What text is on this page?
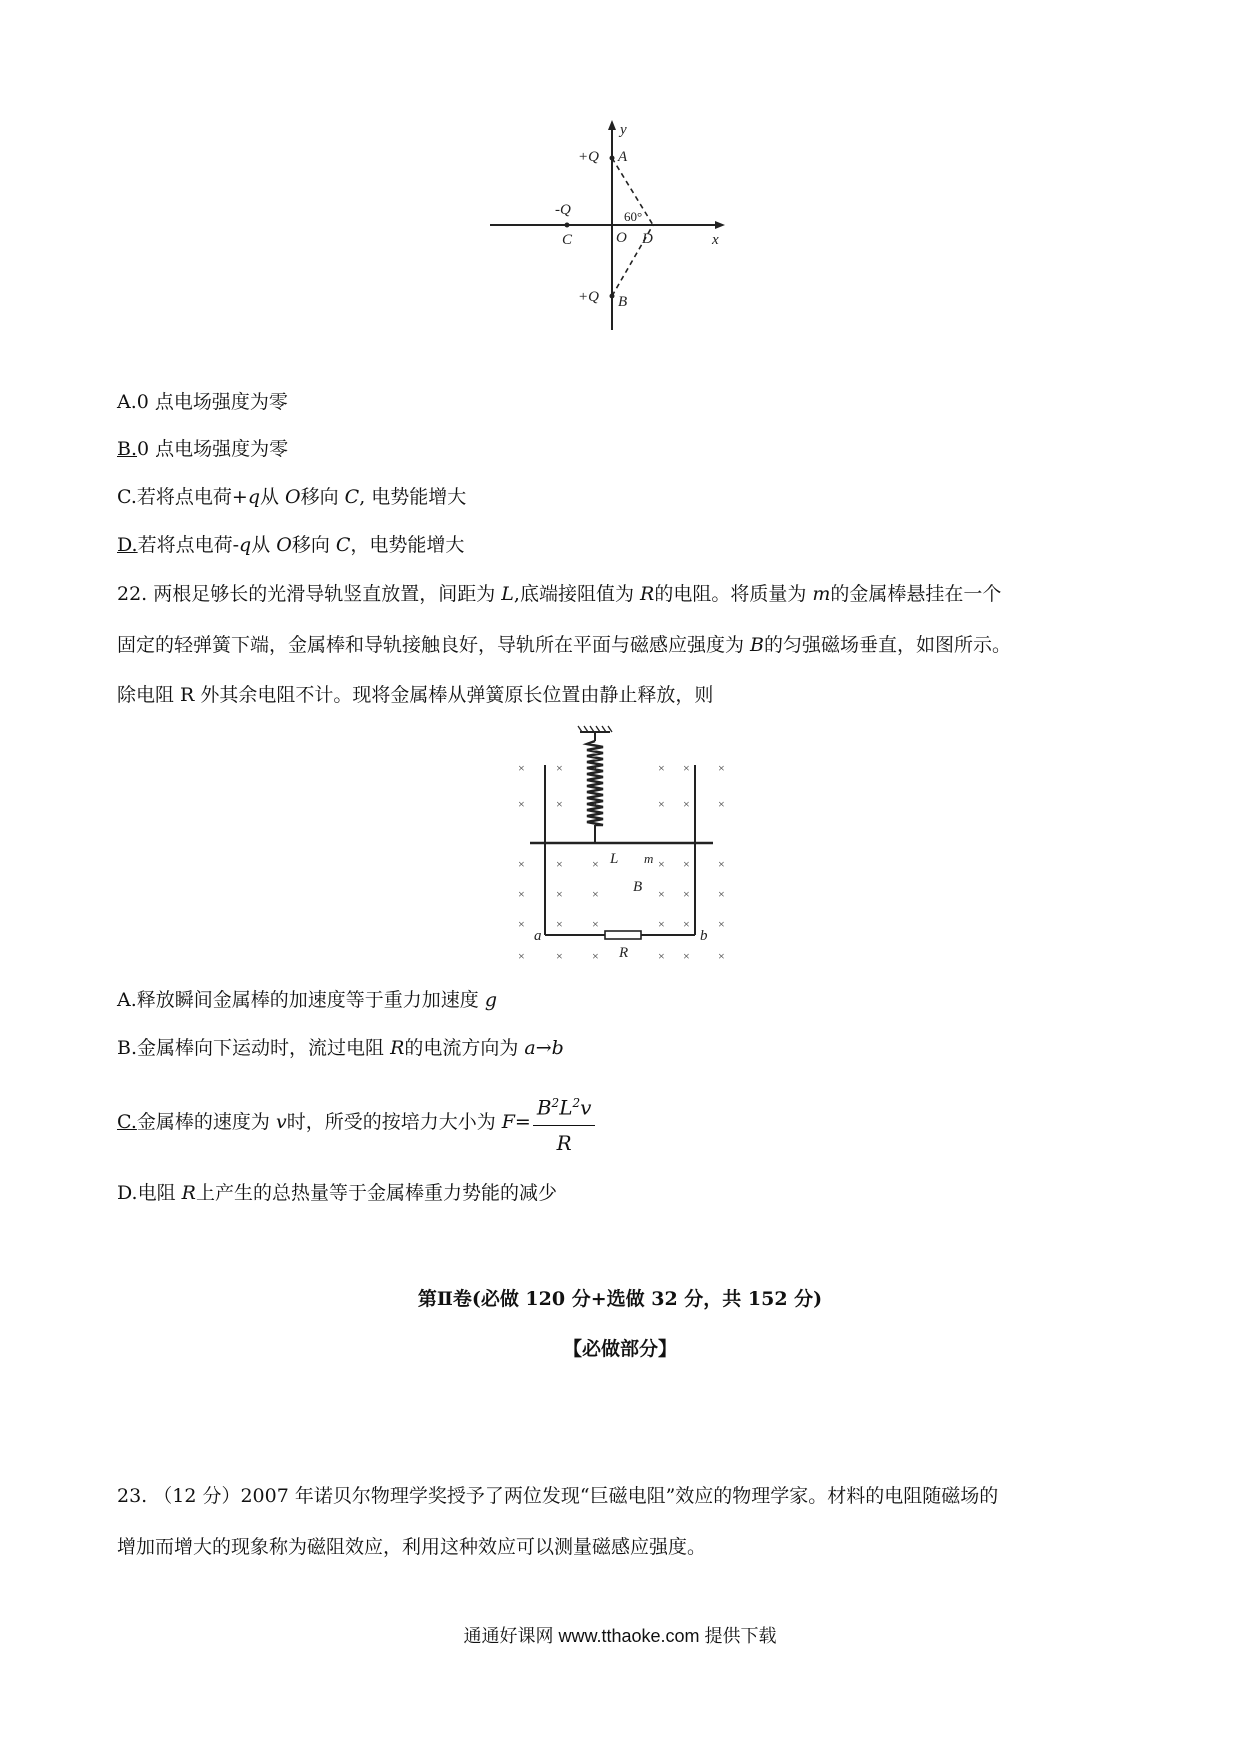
y
x
+Q A
-Q
C	O D
60°
+Q B
A.0 点电场强度为零
B.0 点电场强度为零
C.若将点电荷+q从 O移向 C, 电势能增大
D.若将点电荷-q从 O移向 C，电势能增大
22. 两根足够长的光滑导轨竖直放置，间距为 L,底端接阻值为 R的电阻。将质量为 m的金属棒悬挂在一个
固定的轻弹簧下端，金属棒和导轨接触良好，导轨所在平面与磁感应强度为 B的匀强磁场垂直，如图所示。
除电阻 R 外其余电阻不计。现将金属棒从弹簧原长位置由静止释放，则
×	× ×	× × ×
×	× ×	× × ×
×	× ×	× × ×
×	× ×	× × ×
×	× ×	× × ×
×	× ×	× × ×
L m
B
a	b
R
A.释放瞬间金属棒的加速度等于重力加速度 g
B.金属棒向下运动时，流过电阻 R的电流方向为 a→b
C.金属棒的速度为 v时，所受的按培力大小为 $F= \frac{B^2L^2v}{R}$
D.电阻 R上产生的总热量等于金属棒重力势能的减少
第Ⅱ卷(必做 120 分+选做 32 分，共 152 分)
【必做部分】
23. （12 分）2007 年诺贝尔物理学奖授予了两位发现“巨磁电阻”效应的物理学家。材料的电阻随磁场的
增加而增大的现象称为磁阻效应，利用这种效应可以测量磁感应强度。
通通好课网 www.tthaoke.com 提供下载
